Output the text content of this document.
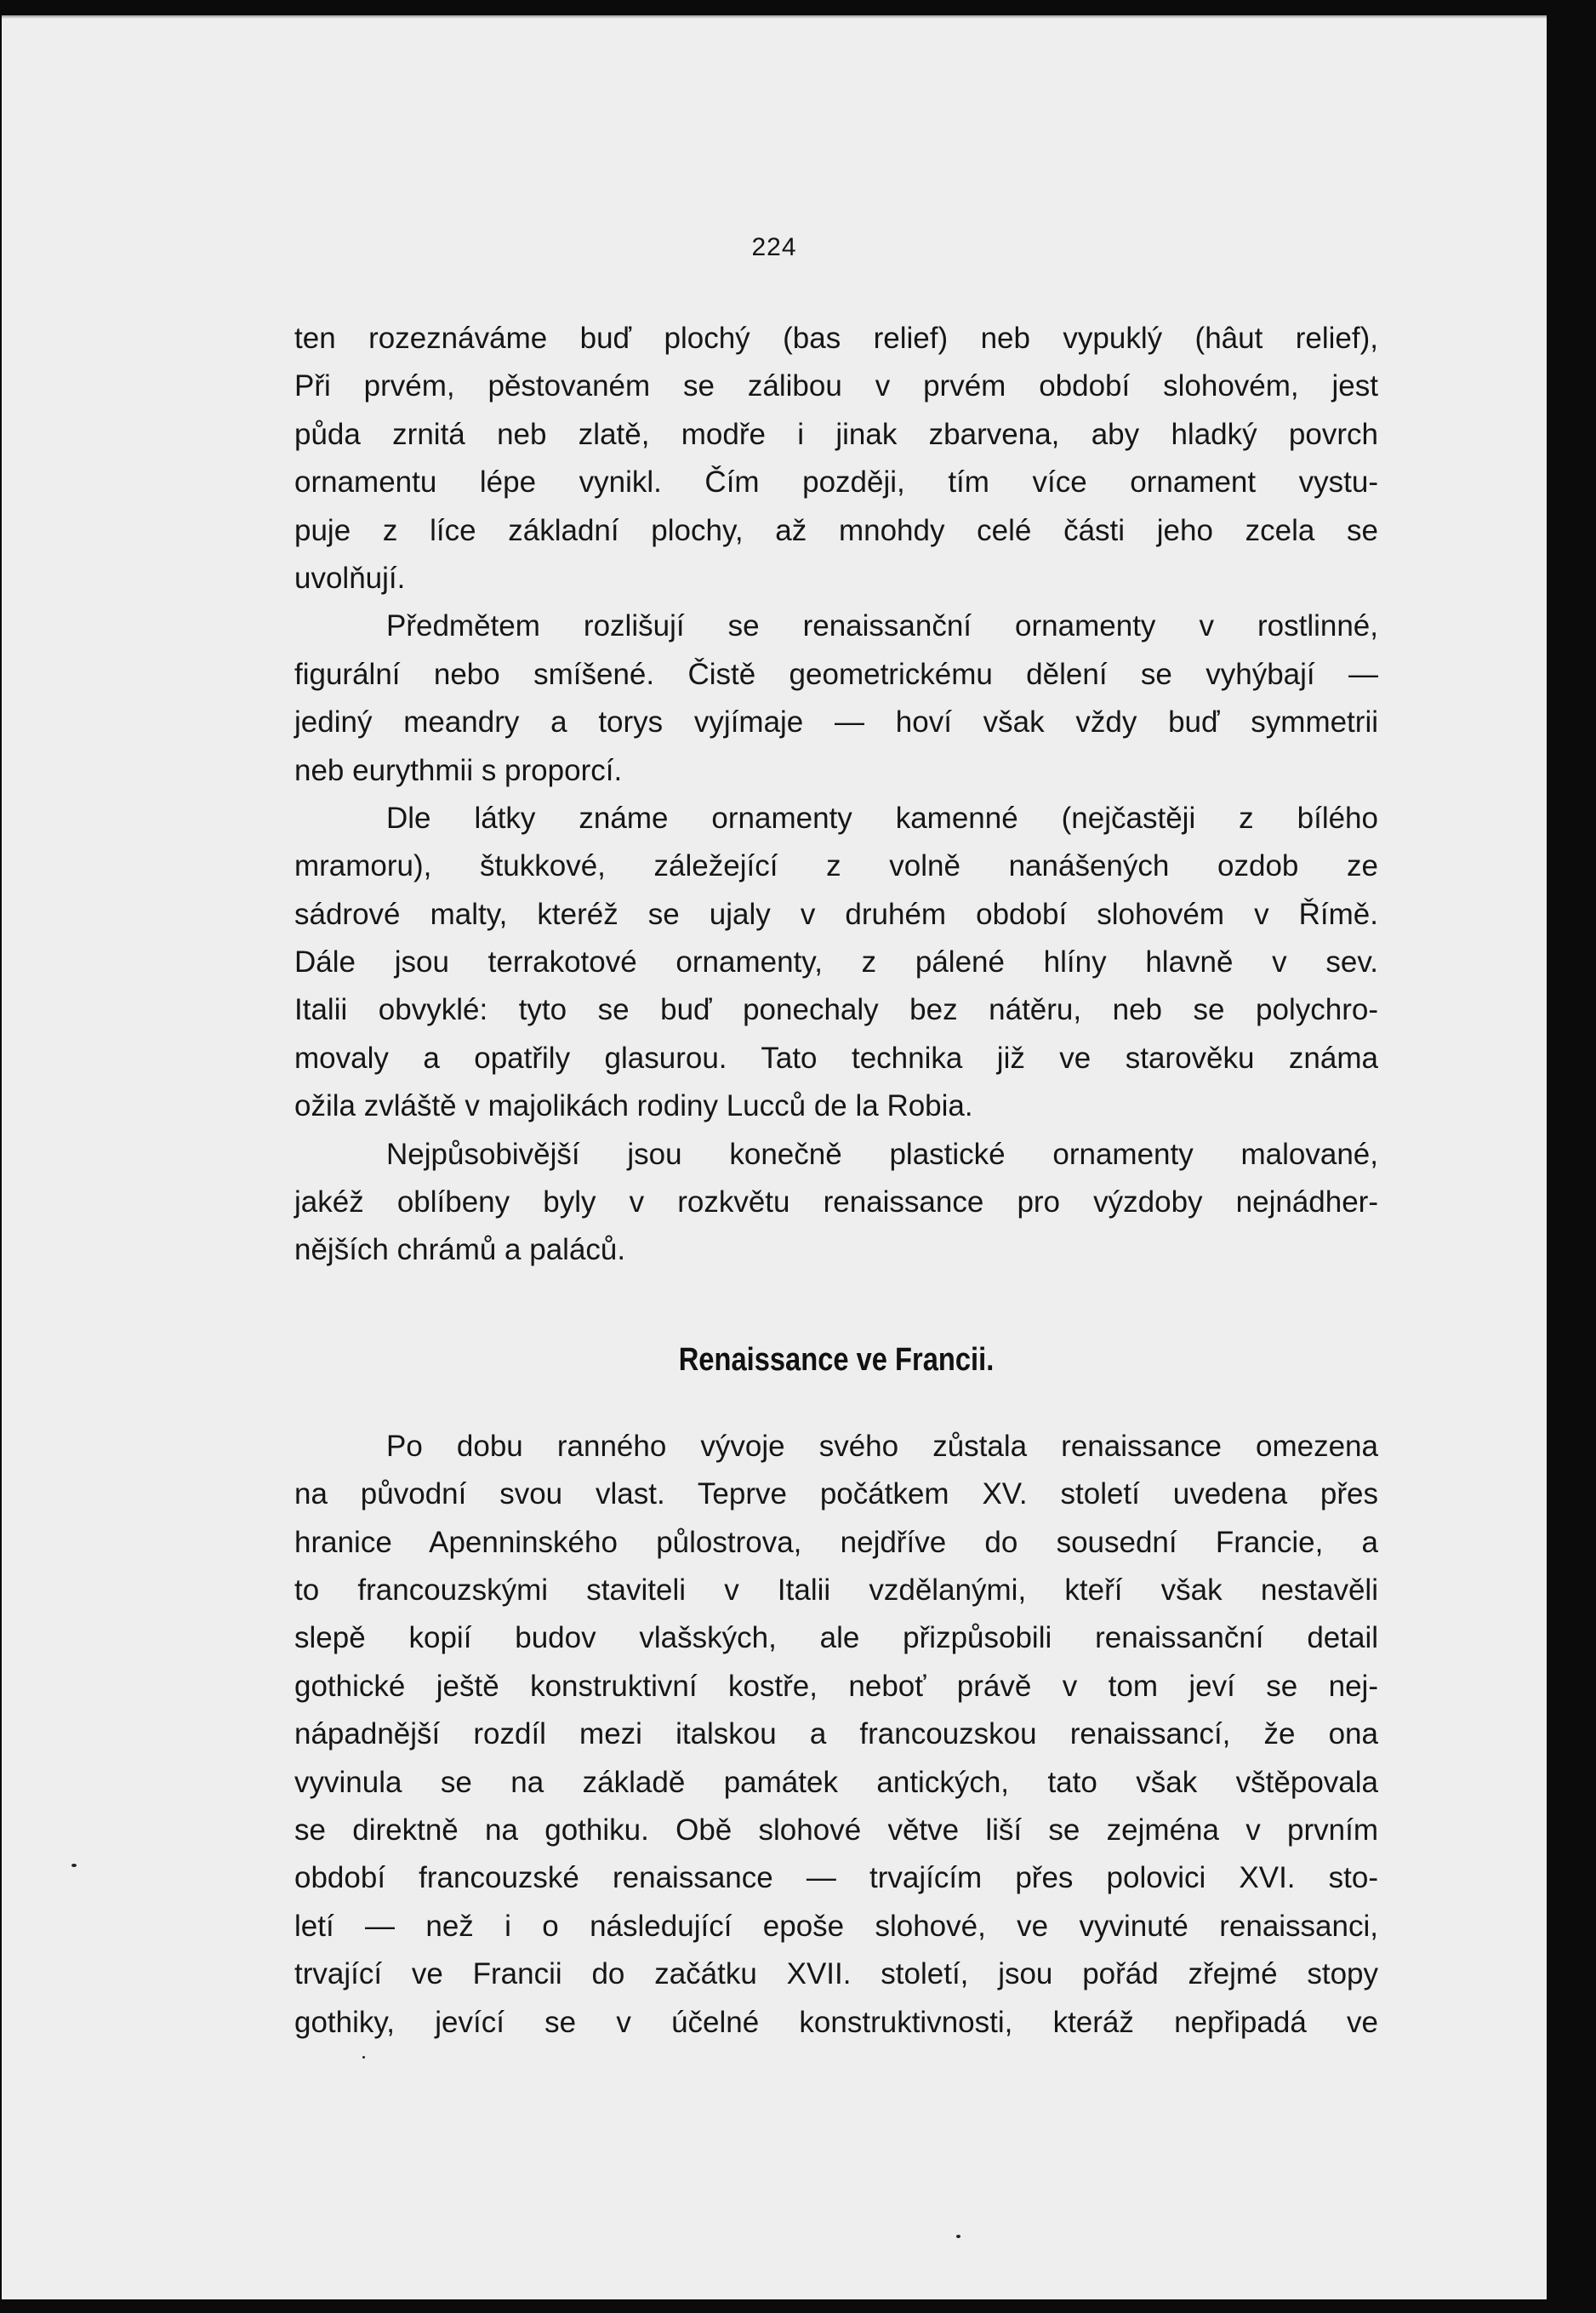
224
ten rozeznáváme buď plochý (bas relief) neb vypuklý (hâut relief),
Při prvém, pěstovaném se zálibou v prvém období slohovém, jest
půda zrnitá neb zlatě, modře i jinak zbarvena, aby hladký povrch
ornamentu lépe vynikl. Čím později, tím více ornament vystu-
puje z líce základní plochy, až mnohdy celé části jeho zcela se
uvolňují.
Předmětem rozlišují se renaissanční ornamenty v rostlinné,
figurální nebo smíšené. Čistě geometrickému dělení se vyhýbají —
jediný meandry a torys vyjímaje — hoví však vždy buď symmetrii
neb eurythmii s proporcí.
Dle látky známe ornamenty kamenné (nejčastěji z bílého
mramoru), štukkové, záležející z volně nanášených ozdob ze
sádrové malty, kteréž se ujaly v druhém období slohovém v Římě.
Dále jsou terrakotové ornamenty, z pálené hlíny hlavně v sev.
Italii obvyklé: tyto se buď ponechaly bez nátěru, neb se polychro-
movaly a opatřily glasurou. Tato technika již ve starověku známa
ožila zvláště v majolikách rodiny Lucců de la Robia.
Nejpůsobivější jsou konečně plastické ornamenty malované,
jakéž oblíbeny byly v rozkvětu renaissance pro výzdoby nejnádher-
nějších chrámů a paláců.
Renaissance ve Francii.
Po dobu ranného vývoje svého zůstala renaissance omezena
na původní svou vlast. Teprve počátkem XV. století uvedena přes
hranice Apenninského půlostrova, nejdříve do sousední Francie, a
to francouzskými staviteli v Italii vzdělanými, kteří však nestavěli
slepě kopií budov vlašských, ale přizpůsobili renaissanční detail
gothické ještě konstruktivní kostře, neboť právě v tom jeví se nej-
nápadnější rozdíl mezi italskou a francouzskou renaissancí, že ona
vyvinula se na základě památek antických, tato však vštěpovala
se direktně na gothiku. Obě slohové větve liší se zejména v prvním
období francouzské renaissance — trvajícím přes polovici XVI. sto-
letí — než i o následující epoše slohové, ve vyvinuté renaissanci,
trvající ve Francii do začátku XVII. století, jsou pořád zřejmé stopy
gothiky, jevící se v účelné konstruktivnosti, kteráž nepřipadá ve
